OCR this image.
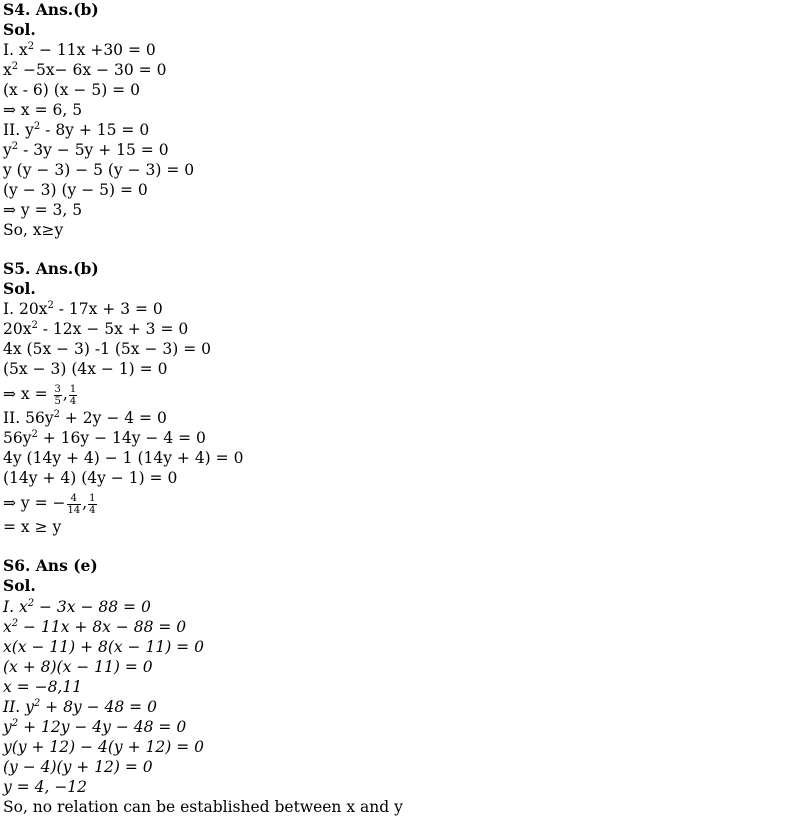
S4. Ans.(b)
Sol.
I. $x^2 - 11x +30 = 0$
$x^2 -5x- 6x - 30 = 0$
(x - 6) (x − 5) = 0
⇒ x = 6, 5
II. $y^2 - 8y + 15 = 0$
$y^2 - 3y - 5y + 15 = 0$
y (y − 3) − 5 (y − 3) = 0
(y − 3) (y − 5) = 0
⇒ y = 3, 5
So, x≥y
S5. Ans.(b)
Sol.
I. $20x^2 - 17x + 3 = 0$
$20x^2 - 12x - 5x + 3 = 0$
4x (5x − 3) -1 (5x − 3) = 0
(5x − 3) (4x − 1) = 0
⇒ $x = \frac{3}{5}$ , $\frac{1}{4}$
II. $56y^2 + 2y - 4 = 0$
$56y^2 + 16y - 14y - 4 = 0$
4y (14y + 4) − 1 (14y + 4) = 0
(14y + 4) (4y − 1) = 0
⇒ y = − $\frac{4}{14}$ , $\frac{1}{4}$
= x ≥ y
S6. Ans (e)
Sol.
I. $x^2 - 3x - 88 = 0$
$x^2 - 11x + 8x - 88 = 0$
x(x − 11) + 8(x − 11) = 0
(x + 8)(x − 11) = 0
x = −8,11
II. $y^2 + 8y - 48 = 0$
$y^2 + 12y - 4y - 48 = 0$
y(y + 12) − 4(y + 12) = 0
(y − 4)(y + 12) = 0
y = 4, −12
So, no relation can be established between x and y
